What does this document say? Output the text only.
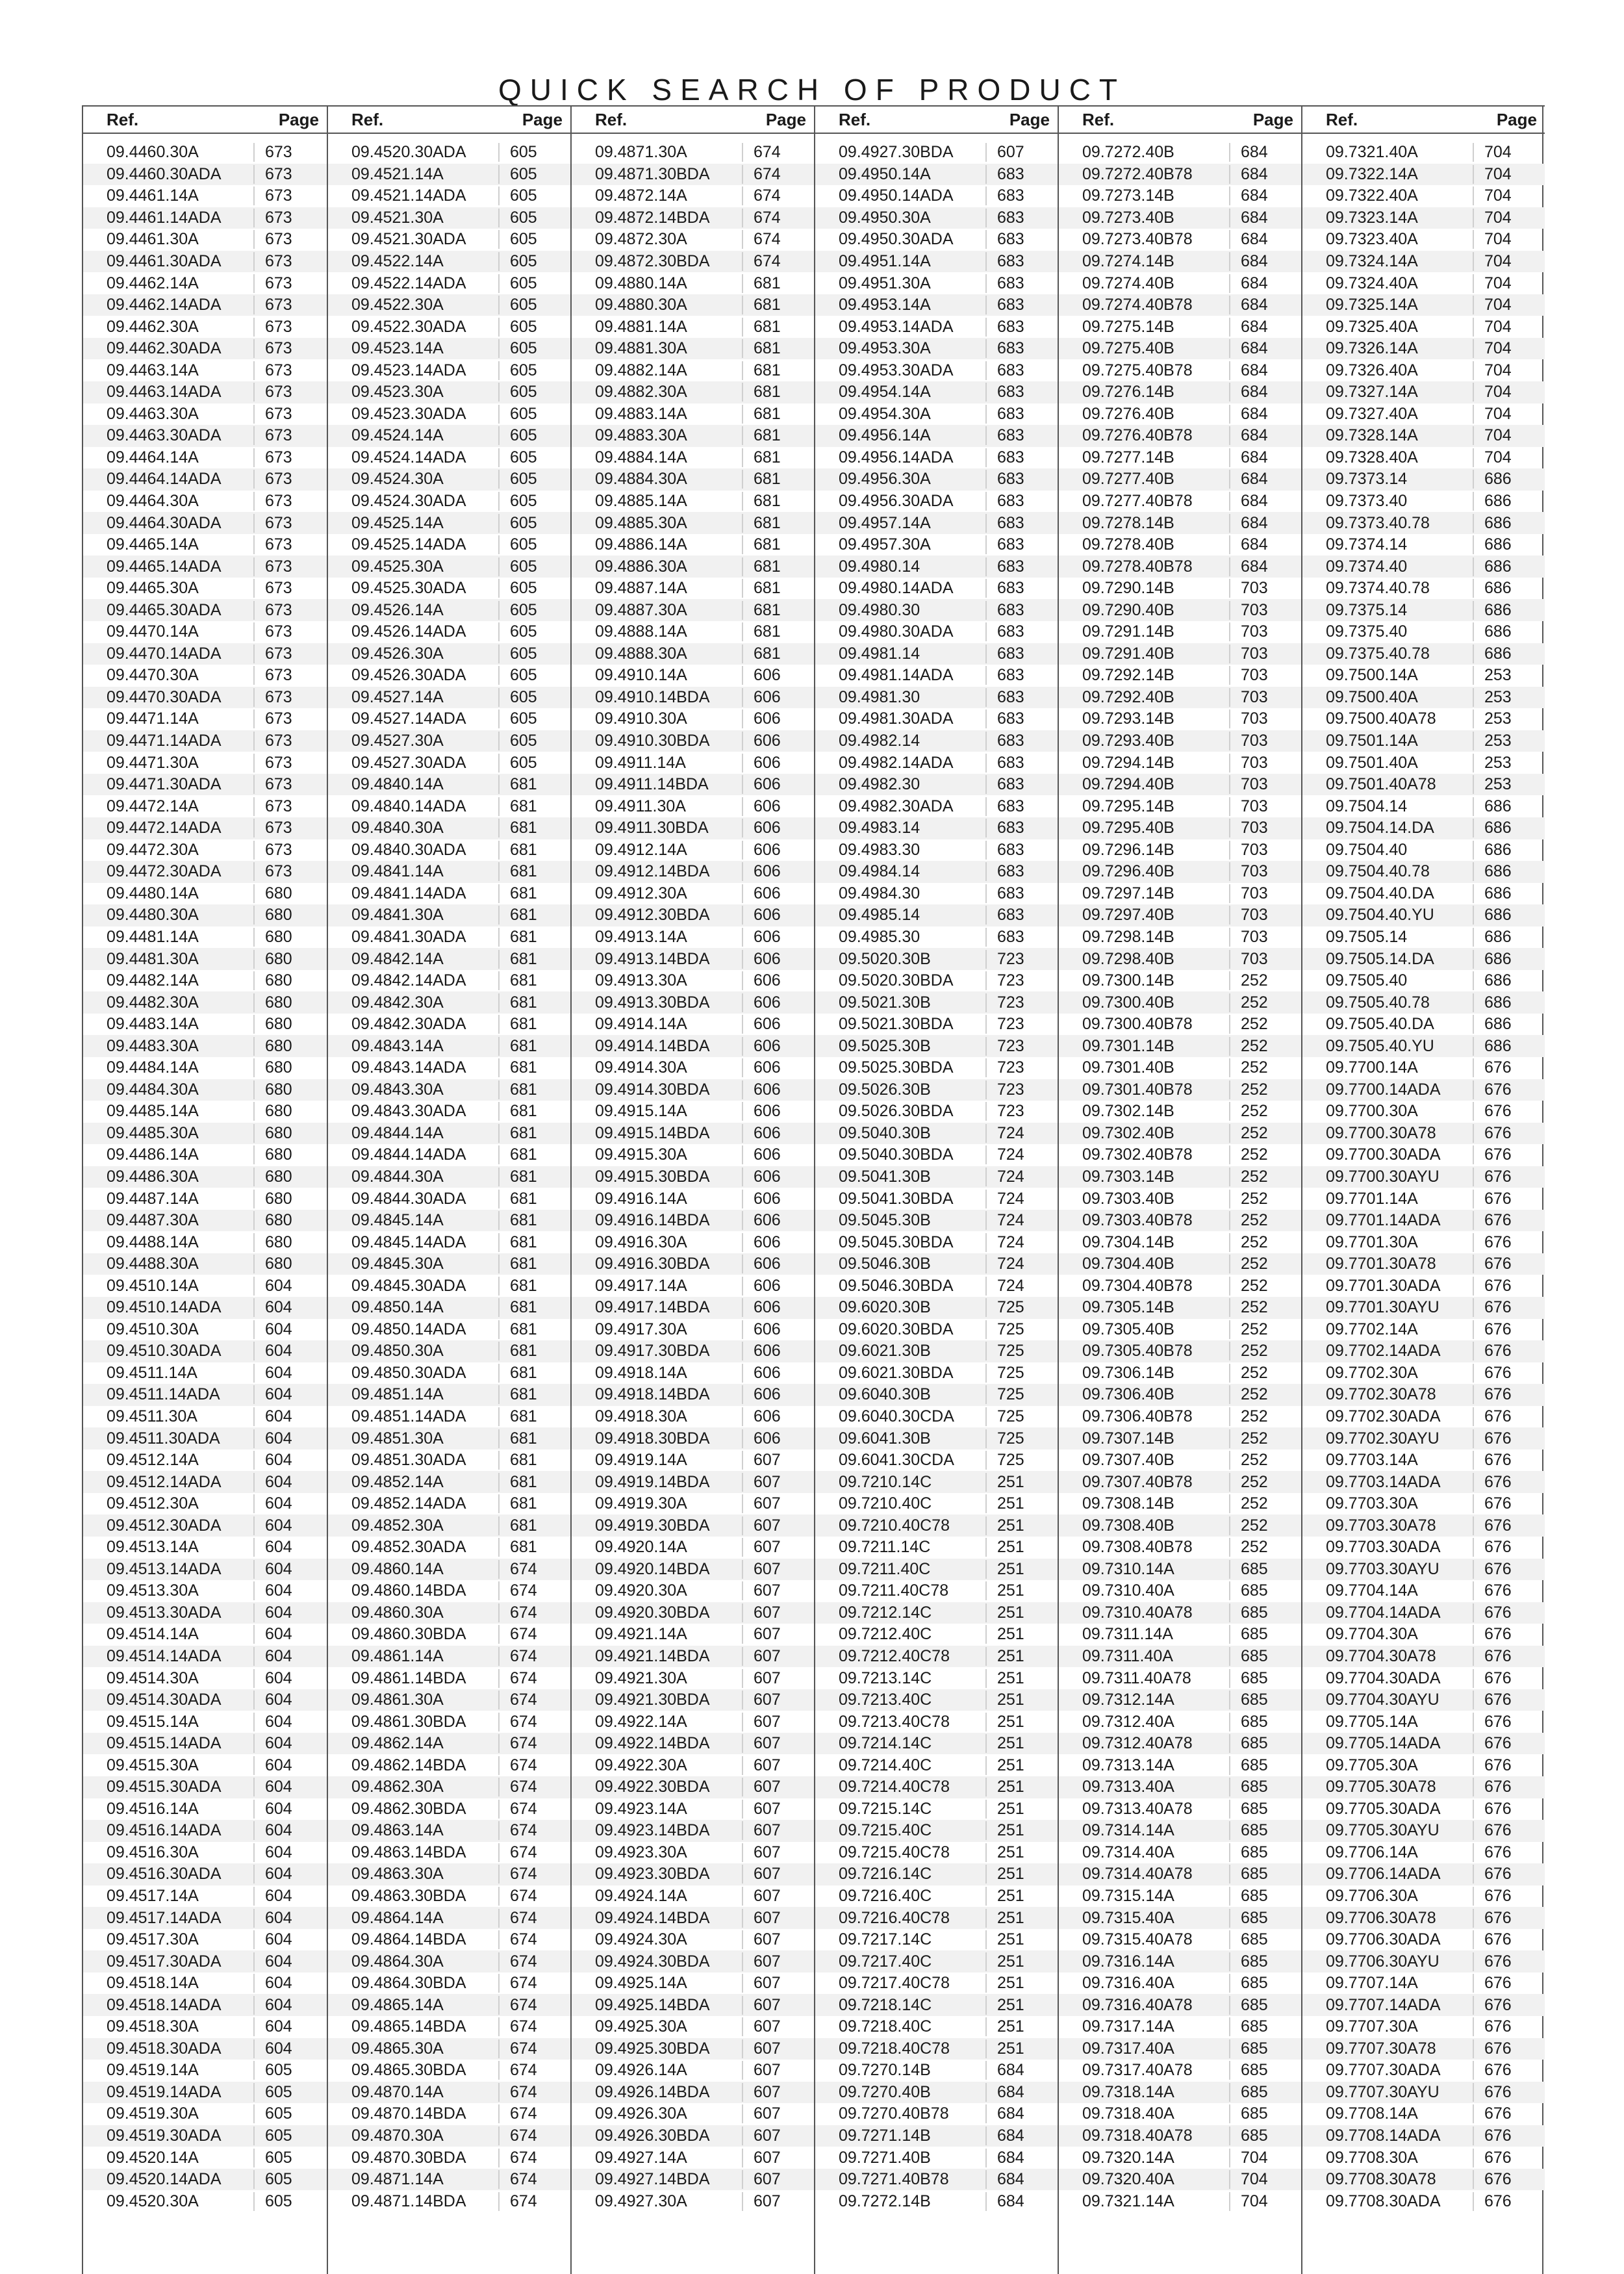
QUICK SEARCH OF PRODUCT
Ref.	Page
09.4460.30A	673
09.4460.30ADA	673
09.4461.14A	673
09.4461.14ADA	673
09.4461.30A	673
09.4461.30ADA	673
09.4462.14A	673
09.4462.14ADA	673
09.4462.30A	673
09.4462.30ADA	673
09.4463.14A	673
09.4463.14ADA	673
09.4463.30A	673
09.4463.30ADA	673
09.4464.14A	673
09.4464.14ADA	673
09.4464.30A	673
09.4464.30ADA	673
09.4465.14A	673
09.4465.14ADA	673
09.4465.30A	673
09.4465.30ADA	673
09.4470.14A	673
09.4470.14ADA	673
09.4470.30A	673
09.4470.30ADA	673
09.4471.14A	673
09.4471.14ADA	673
09.4471.30A	673
09.4471.30ADA	673
09.4472.14A	673
09.4472.14ADA	673
09.4472.30A	673
09.4472.30ADA	673
09.4480.14A	680
09.4480.30A	680
09.4481.14A	680
09.4481.30A	680
09.4482.14A	680
09.4482.30A	680
09.4483.14A	680
09.4483.30A	680
09.4484.14A	680
09.4484.30A	680
09.4485.14A	680
09.4485.30A	680
09.4486.14A	680
09.4486.30A	680
09.4487.14A	680
09.4487.30A	680
09.4488.14A	680
09.4488.30A	680
09.4510.14A	604
09.4510.14ADA	604
09.4510.30A	604
09.4510.30ADA	604
09.4511.14A	604
09.4511.14ADA	604
09.4511.30A	604
09.4511.30ADA	604
09.4512.14A	604
09.4512.14ADA	604
09.4512.30A	604
09.4512.30ADA	604
09.4513.14A	604
09.4513.14ADA	604
09.4513.30A	604
09.4513.30ADA	604
09.4514.14A	604
09.4514.14ADA	604
09.4514.30A	604
09.4514.30ADA	604
09.4515.14A	604
09.4515.14ADA	604
09.4515.30A	604
09.4515.30ADA	604
09.4516.14A	604
09.4516.14ADA	604
09.4516.30A	604
09.4516.30ADA	604
09.4517.14A	604
09.4517.14ADA	604
09.4517.30A	604
09.4517.30ADA	604
09.4518.14A	604
09.4518.14ADA	604
09.4518.30A	604
09.4518.30ADA	604
09.4519.14A	605
09.4519.14ADA	605
09.4519.30A	605
09.4519.30ADA	605
09.4520.14A	605
09.4520.14ADA	605
09.4520.30A	605
Ref.	Page
09.4520.30ADA	605
09.4521.14A	605
09.4521.14ADA	605
09.4521.30A	605
09.4521.30ADA	605
09.4522.14A	605
09.4522.14ADA	605
09.4522.30A	605
09.4522.30ADA	605
09.4523.14A	605
09.4523.14ADA	605
09.4523.30A	605
09.4523.30ADA	605
09.4524.14A	605
09.4524.14ADA	605
09.4524.30A	605
09.4524.30ADA	605
09.4525.14A	605
09.4525.14ADA	605
09.4525.30A	605
09.4525.30ADA	605
09.4526.14A	605
09.4526.14ADA	605
09.4526.30A	605
09.4526.30ADA	605
09.4527.14A	605
09.4527.14ADA	605
09.4527.30A	605
09.4527.30ADA	605
09.4840.14A	681
09.4840.14ADA	681
09.4840.30A	681
09.4840.30ADA	681
09.4841.14A	681
09.4841.14ADA	681
09.4841.30A	681
09.4841.30ADA	681
09.4842.14A	681
09.4842.14ADA	681
09.4842.30A	681
09.4842.30ADA	681
09.4843.14A	681
09.4843.14ADA	681
09.4843.30A	681
09.4843.30ADA	681
09.4844.14A	681
09.4844.14ADA	681
09.4844.30A	681
09.4844.30ADA	681
09.4845.14A	681
09.4845.14ADA	681
09.4845.30A	681
09.4845.30ADA	681
09.4850.14A	681
09.4850.14ADA	681
09.4850.30A	681
09.4850.30ADA	681
09.4851.14A	681
09.4851.14ADA	681
09.4851.30A	681
09.4851.30ADA	681
09.4852.14A	681
09.4852.14ADA	681
09.4852.30A	681
09.4852.30ADA	681
09.4860.14A	674
09.4860.14BDA	674
09.4860.30A	674
09.4860.30BDA	674
09.4861.14A	674
09.4861.14BDA	674
09.4861.30A	674
09.4861.30BDA	674
09.4862.14A	674
09.4862.14BDA	674
09.4862.30A	674
09.4862.30BDA	674
09.4863.14A	674
09.4863.14BDA	674
09.4863.30A	674
09.4863.30BDA	674
09.4864.14A	674
09.4864.14BDA	674
09.4864.30A	674
09.4864.30BDA	674
09.4865.14A	674
09.4865.14BDA	674
09.4865.30A	674
09.4865.30BDA	674
09.4870.14A	674
09.4870.14BDA	674
09.4870.30A	674
09.4870.30BDA	674
09.4871.14A	674
09.4871.14BDA	674
Ref.	Page
09.4871.30A	674
09.4871.30BDA	674
09.4872.14A	674
09.4872.14BDA	674
09.4872.30A	674
09.4872.30BDA	674
09.4880.14A	681
09.4880.30A	681
09.4881.14A	681
09.4881.30A	681
09.4882.14A	681
09.4882.30A	681
09.4883.14A	681
09.4883.30A	681
09.4884.14A	681
09.4884.30A	681
09.4885.14A	681
09.4885.30A	681
09.4886.14A	681
09.4886.30A	681
09.4887.14A	681
09.4887.30A	681
09.4888.14A	681
09.4888.30A	681
09.4910.14A	606
09.4910.14BDA	606
09.4910.30A	606
09.4910.30BDA	606
09.4911.14A	606
09.4911.14BDA	606
09.4911.30A	606
09.4911.30BDA	606
09.4912.14A	606
09.4912.14BDA	606
09.4912.30A	606
09.4912.30BDA	606
09.4913.14A	606
09.4913.14BDA	606
09.4913.30A	606
09.4913.30BDA	606
09.4914.14A	606
09.4914.14BDA	606
09.4914.30A	606
09.4914.30BDA	606
09.4915.14A	606
09.4915.14BDA	606
09.4915.30A	606
09.4915.30BDA	606
09.4916.14A	606
09.4916.14BDA	606
09.4916.30A	606
09.4916.30BDA	606
09.4917.14A	606
09.4917.14BDA	606
09.4917.30A	606
09.4917.30BDA	606
09.4918.14A	606
09.4918.14BDA	606
09.4918.30A	606
09.4918.30BDA	606
09.4919.14A	607
09.4919.14BDA	607
09.4919.30A	607
09.4919.30BDA	607
09.4920.14A	607
09.4920.14BDA	607
09.4920.30A	607
09.4920.30BDA	607
09.4921.14A	607
09.4921.14BDA	607
09.4921.30A	607
09.4921.30BDA	607
09.4922.14A	607
09.4922.14BDA	607
09.4922.30A	607
09.4922.30BDA	607
09.4923.14A	607
09.4923.14BDA	607
09.4923.30A	607
09.4923.30BDA	607
09.4924.14A	607
09.4924.14BDA	607
09.4924.30A	607
09.4924.30BDA	607
09.4925.14A	607
09.4925.14BDA	607
09.4925.30A	607
09.4925.30BDA	607
09.4926.14A	607
09.4926.14BDA	607
09.4926.30A	607
09.4926.30BDA	607
09.4927.14A	607
09.4927.14BDA	607
09.4927.30A	607
Ref.	Page
09.4927.30BDA	607
09.4950.14A	683
09.4950.14ADA	683
09.4950.30A	683
09.4950.30ADA	683
09.4951.14A	683
09.4951.30A	683
09.4953.14A	683
09.4953.14ADA	683
09.4953.30A	683
09.4953.30ADA	683
09.4954.14A	683
09.4954.30A	683
09.4956.14A	683
09.4956.14ADA	683
09.4956.30A	683
09.4956.30ADA	683
09.4957.14A	683
09.4957.30A	683
09.4980.14	683
09.4980.14ADA	683
09.4980.30	683
09.4980.30ADA	683
09.4981.14	683
09.4981.14ADA	683
09.4981.30	683
09.4981.30ADA	683
09.4982.14	683
09.4982.14ADA	683
09.4982.30	683
09.4982.30ADA	683
09.4983.14	683
09.4983.30	683
09.4984.14	683
09.4984.30	683
09.4985.14	683
09.4985.30	683
09.5020.30B	723
09.5020.30BDA	723
09.5021.30B	723
09.5021.30BDA	723
09.5025.30B	723
09.5025.30BDA	723
09.5026.30B	723
09.5026.30BDA	723
09.5040.30B	724
09.5040.30BDA	724
09.5041.30B	724
09.5041.30BDA	724
09.5045.30B	724
09.5045.30BDA	724
09.5046.30B	724
09.5046.30BDA	724
09.6020.30B	725
09.6020.30BDA	725
09.6021.30B	725
09.6021.30BDA	725
09.6040.30B	725
09.6040.30CDA	725
09.6041.30B	725
09.6041.30CDA	725
09.7210.14C	251
09.7210.40C	251
09.7210.40C78	251
09.7211.14C	251
09.7211.40C	251
09.7211.40C78	251
09.7212.14C	251
09.7212.40C	251
09.7212.40C78	251
09.7213.14C	251
09.7213.40C	251
09.7213.40C78	251
09.7214.14C	251
09.7214.40C	251
09.7214.40C78	251
09.7215.14C	251
09.7215.40C	251
09.7215.40C78	251
09.7216.14C	251
09.7216.40C	251
09.7216.40C78	251
09.7217.14C	251
09.7217.40C	251
09.7217.40C78	251
09.7218.14C	251
09.7218.40C	251
09.7218.40C78	251
09.7270.14B	684
09.7270.40B	684
09.7270.40B78	684
09.7271.14B	684
09.7271.40B	684
09.7271.40B78	684
09.7272.14B	684
Ref.	Page
09.7272.40B	684
09.7272.40B78	684
09.7273.14B	684
09.7273.40B	684
09.7273.40B78	684
09.7274.14B	684
09.7274.40B	684
09.7274.40B78	684
09.7275.14B	684
09.7275.40B	684
09.7275.40B78	684
09.7276.14B	684
09.7276.40B	684
09.7276.40B78	684
09.7277.14B	684
09.7277.40B	684
09.7277.40B78	684
09.7278.14B	684
09.7278.40B	684
09.7278.40B78	684
09.7290.14B	703
09.7290.40B	703
09.7291.14B	703
09.7291.40B	703
09.7292.14B	703
09.7292.40B	703
09.7293.14B	703
09.7293.40B	703
09.7294.14B	703
09.7294.40B	703
09.7295.14B	703
09.7295.40B	703
09.7296.14B	703
09.7296.40B	703
09.7297.14B	703
09.7297.40B	703
09.7298.14B	703
09.7298.40B	703
09.7300.14B	252
09.7300.40B	252
09.7300.40B78	252
09.7301.14B	252
09.7301.40B	252
09.7301.40B78	252
09.7302.14B	252
09.7302.40B	252
09.7302.40B78	252
09.7303.14B	252
09.7303.40B	252
09.7303.40B78	252
09.7304.14B	252
09.7304.40B	252
09.7304.40B78	252
09.7305.14B	252
09.7305.40B	252
09.7305.40B78	252
09.7306.14B	252
09.7306.40B	252
09.7306.40B78	252
09.7307.14B	252
09.7307.40B	252
09.7307.40B78	252
09.7308.14B	252
09.7308.40B	252
09.7308.40B78	252
09.7310.14A	685
09.7310.40A	685
09.7310.40A78	685
09.7311.14A	685
09.7311.40A	685
09.7311.40A78	685
09.7312.14A	685
09.7312.40A	685
09.7312.40A78	685
09.7313.14A	685
09.7313.40A	685
09.7313.40A78	685
09.7314.14A	685
09.7314.40A	685
09.7314.40A78	685
09.7315.14A	685
09.7315.40A	685
09.7315.40A78	685
09.7316.14A	685
09.7316.40A	685
09.7316.40A78	685
09.7317.14A	685
09.7317.40A	685
09.7317.40A78	685
09.7318.14A	685
09.7318.40A	685
09.7318.40A78	685
09.7320.14A	704
09.7320.40A	704
09.7321.14A	704
Ref.	Page
09.7321.40A	704
09.7322.14A	704
09.7322.40A	704
09.7323.14A	704
09.7323.40A	704
09.7324.14A	704
09.7324.40A	704
09.7325.14A	704
09.7325.40A	704
09.7326.14A	704
09.7326.40A	704
09.7327.14A	704
09.7327.40A	704
09.7328.14A	704
09.7328.40A	704
09.7373.14	686
09.7373.40	686
09.7373.40.78	686
09.7374.14	686
09.7374.40	686
09.7374.40.78	686
09.7375.14	686
09.7375.40	686
09.7375.40.78	686
09.7500.14A	253
09.7500.40A	253
09.7500.40A78	253
09.7501.14A	253
09.7501.40A	253
09.7501.40A78	253
09.7504.14	686
09.7504.14.DA	686
09.7504.40	686
09.7504.40.78	686
09.7504.40.DA	686
09.7504.40.YU	686
09.7505.14	686
09.7505.14.DA	686
09.7505.40	686
09.7505.40.78	686
09.7505.40.DA	686
09.7505.40.YU	686
09.7700.14A	676
09.7700.14ADA	676
09.7700.30A	676
09.7700.30A78	676
09.7700.30ADA	676
09.7700.30AYU	676
09.7701.14A	676
09.7701.14ADA	676
09.7701.30A	676
09.7701.30A78	676
09.7701.30ADA	676
09.7701.30AYU	676
09.7702.14A	676
09.7702.14ADA	676
09.7702.30A	676
09.7702.30A78	676
09.7702.30ADA	676
09.7702.30AYU	676
09.7703.14A	676
09.7703.14ADA	676
09.7703.30A	676
09.7703.30A78	676
09.7703.30ADA	676
09.7703.30AYU	676
09.7704.14A	676
09.7704.14ADA	676
09.7704.30A	676
09.7704.30A78	676
09.7704.30ADA	676
09.7704.30AYU	676
09.7705.14A	676
09.7705.14ADA	676
09.7705.30A	676
09.7705.30A78	676
09.7705.30ADA	676
09.7705.30AYU	676
09.7706.14A	676
09.7706.14ADA	676
09.7706.30A	676
09.7706.30A78	676
09.7706.30ADA	676
09.7706.30AYU	676
09.7707.14A	676
09.7707.14ADA	676
09.7707.30A	676
09.7707.30A78	676
09.7707.30ADA	676
09.7707.30AYU	676
09.7708.14A	676
09.7708.14ADA	676
09.7708.30A	676
09.7708.30A78	676
09.7708.30ADA	676
